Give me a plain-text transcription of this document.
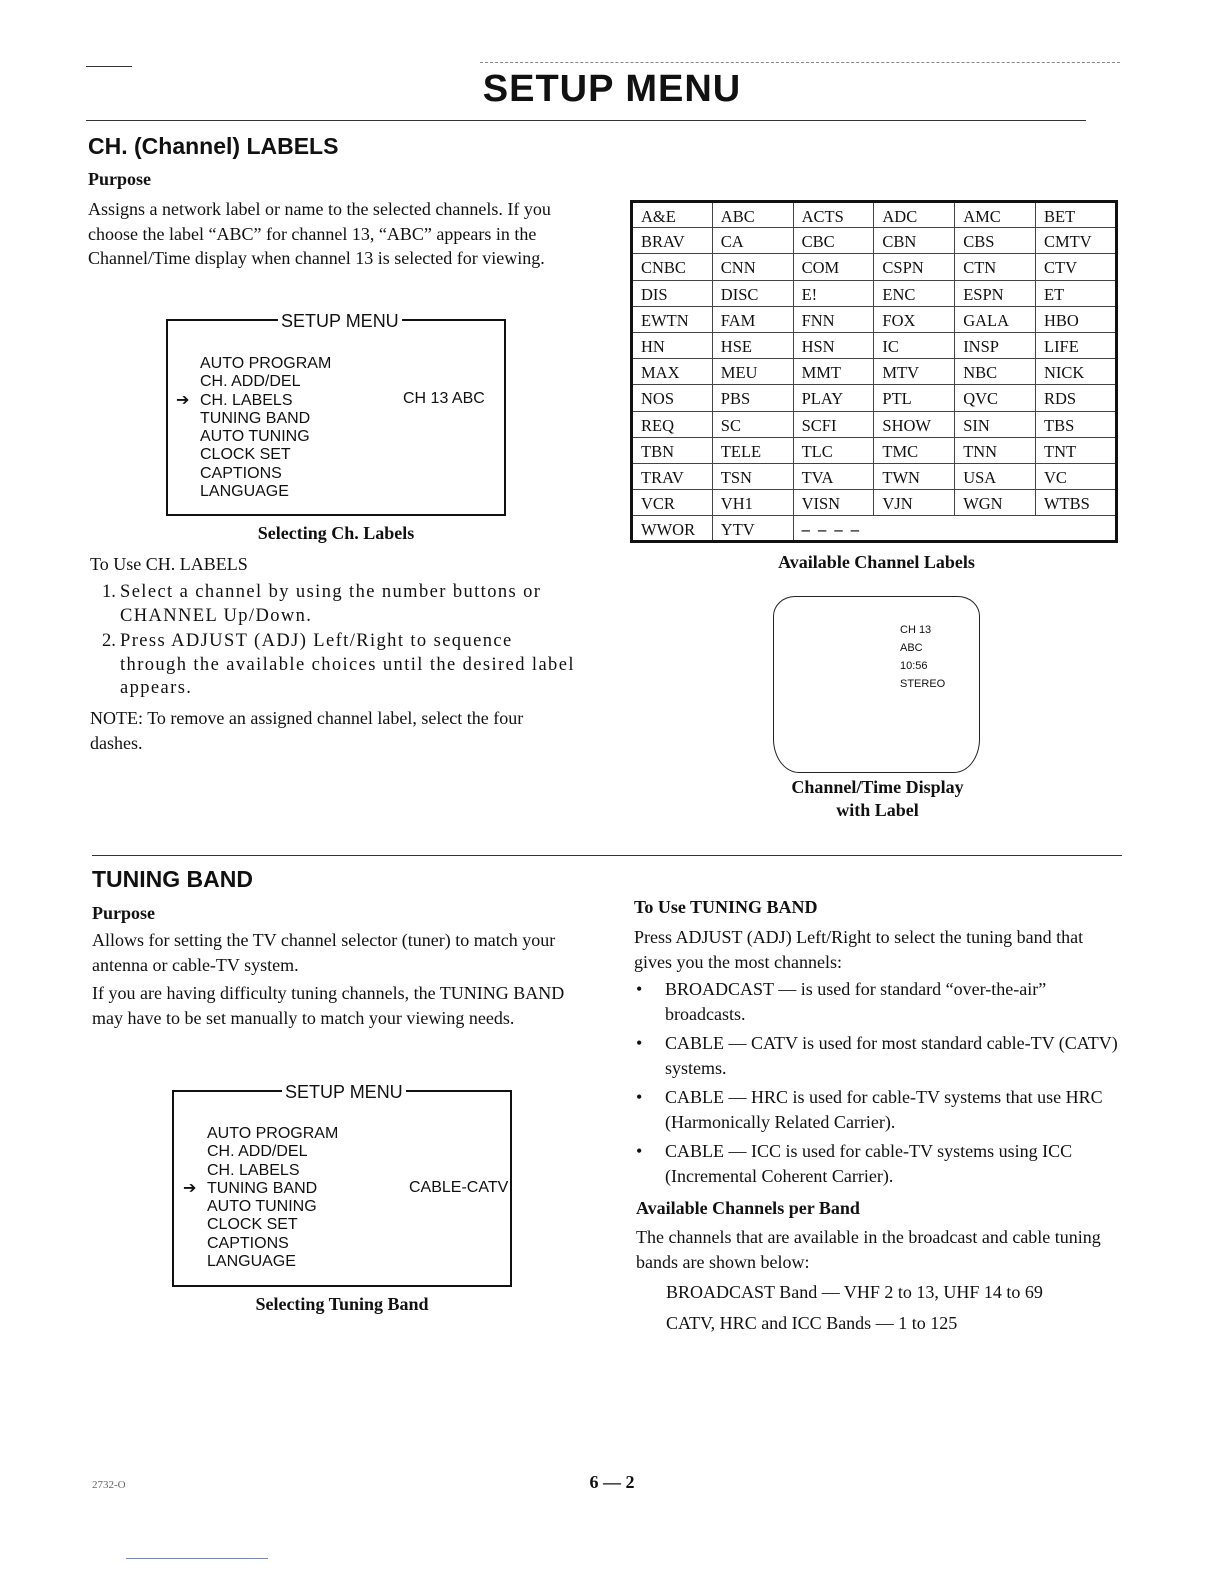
SETUP MENU
CH. (Channel) LABELS
Purpose
Assigns a network label or name to the selected channels. If you choose the label “ABC” for channel 13, “ABC” appears in the Channel/Time display when channel 13 is selected for viewing.
SETUP MENU
AUTO PROGRAM
CH. ADD/DEL
➔ CH. LABELS
TUNING BAND
AUTO TUNING
CLOCK SET
CAPTIONS
LANGUAGE
CH 13 ABC
Selecting Ch. Labels
To Use CH. LABELS
1. Select a channel by using the number buttons or CHANNEL Up/Down.
2. Press ADJUST (ADJ) Left/Right to sequence through the available choices until the desired label appears.
NOTE: To remove an assigned channel label, select the four dashes.
A&E	ABC	ACTS	ADC	AMC	BET
BRAV	CA	CBC	CBN	CBS	CMTV
CNBC	CNN	COM	CSPN	CTN	CTV
DIS	DISC	E!	ENC	ESPN	ET
EWTN	FAM	FNN	FOX	GALA	HBO
HN	HSE	HSN	IC	INSP	LIFE
MAX	MEU	MMT	MTV	NBC	NICK
NOS	PBS	PLAY	PTL	QVC	RDS
REQ	SC	SCFI	SHOW	SIN	TBS
TBN	TELE	TLC	TMC	TNN	TNT
TRAV	TSN	TVA	TWN	USA	VC
VCR	VH1	VISN	VJN	WGN	WTBS
WWOR	YTV	– – – –			
Available Channel Labels
CH 13
ABC
10:56
STEREO
Channel/Time Display
with Label
TUNING BAND
Purpose
Allows for setting the TV channel selector (tuner) to match your antenna or cable-TV system.
If you are having difficulty tuning channels, the TUNING BAND may have to be set manually to match your viewing needs.
SETUP MENU
AUTO PROGRAM
CH. ADD/DEL
CH. LABELS
➔ TUNING BAND
AUTO TUNING
CLOCK SET
CAPTIONS
LANGUAGE
CABLE-CATV
Selecting Tuning Band
To Use TUNING BAND
Press ADJUST (ADJ) Left/Right to select the tuning band that gives you the most channels:
• BROADCAST — is used for standard “over-the-air” broadcasts.
• CABLE — CATV is used for most standard cable-TV (CATV) systems.
• CABLE — HRC is used for cable-TV systems that use HRC (Harmonically Related Carrier).
• CABLE — ICC is used for cable-TV systems using ICC (Incremental Coherent Carrier).
Available Channels per Band
The channels that are available in the broadcast and cable tuning bands are shown below:
BROADCAST Band — VHF 2 to 13, UHF 14 to 69
CATV, HRC and ICC Bands — 1 to 125
2732-O	6 — 2
